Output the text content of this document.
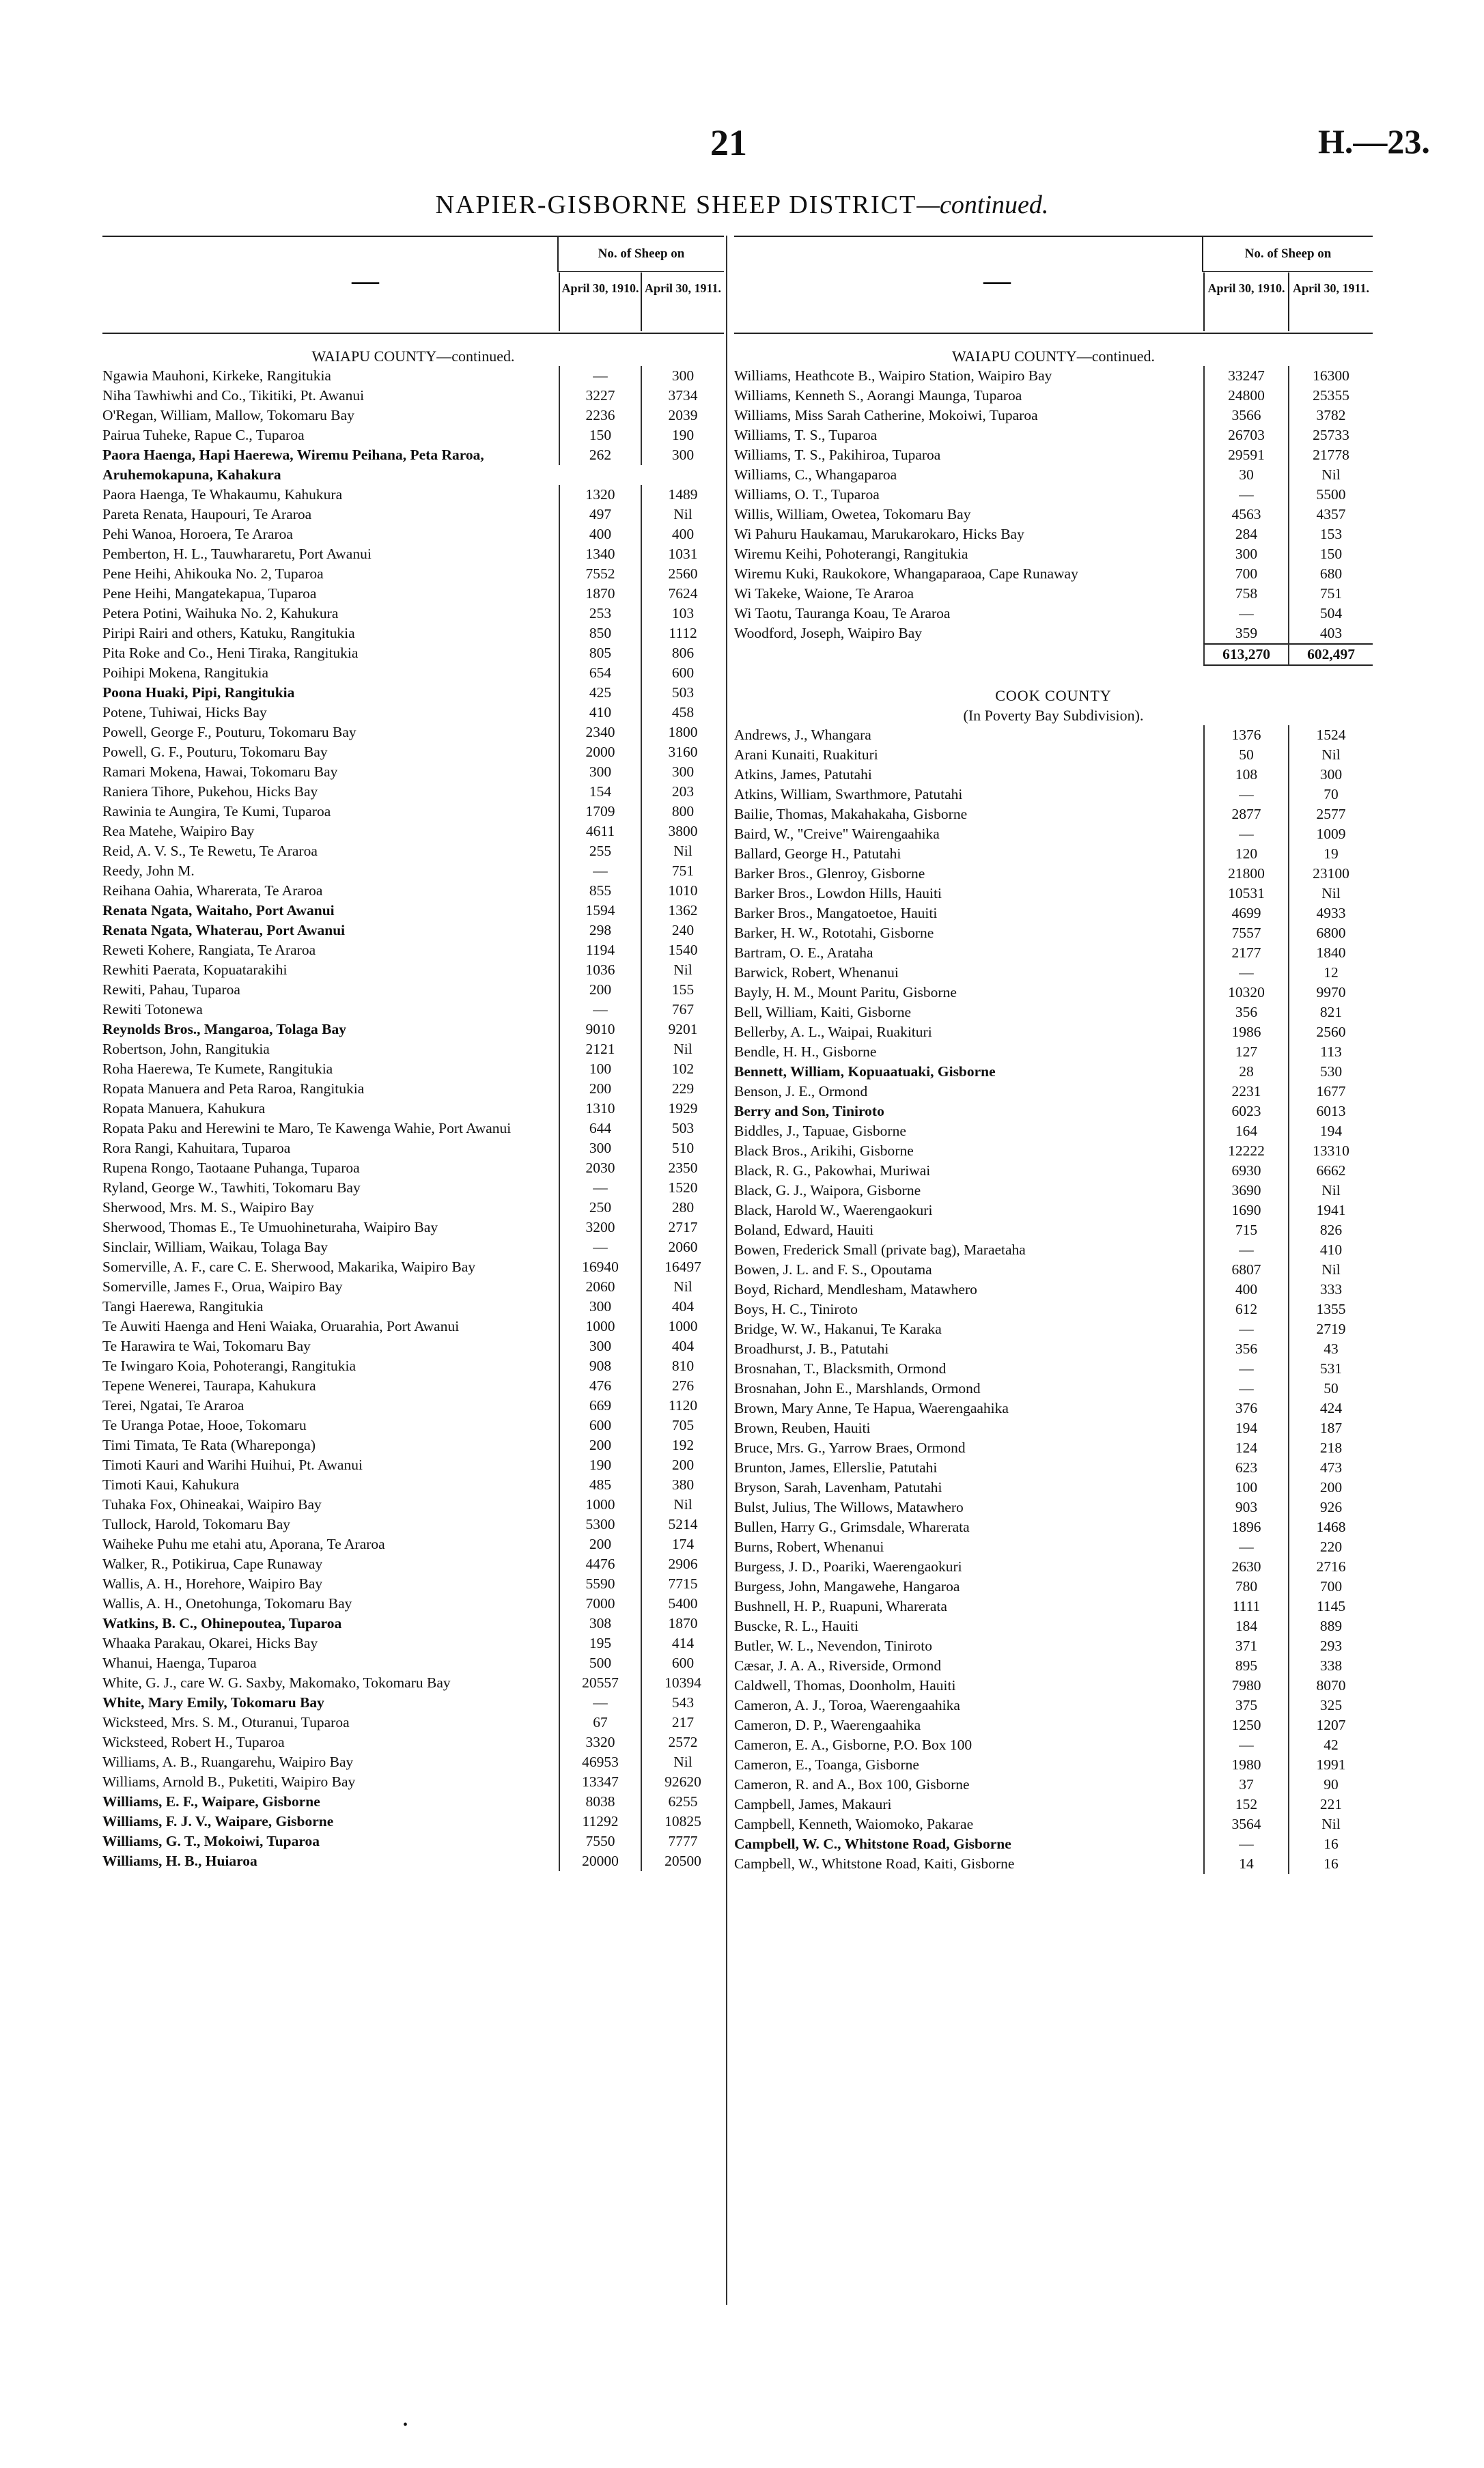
21	H.—23.
NAPIER-GISBORNE SHEEP DISTRICT—continued.
—
No. of Sheep on
April 30, 1910. April 30, 1911.
WAIAPU COUNTY—continued.
Ngawia Mauhoni, Kirkeke, Rangitukia	—	300
Niha Tawhiwhi and Co., Tikitiki, Pt. Awanui	3227	3734
O'Regan, William, Mallow, Tokomaru Bay	2236	2039
Pairua Tuheke, Rapue C., Tuparoa	150	190
Paora Haenga, Hapi Haerewa, Wiremu Peihana, Peta Raroa, Aruhemokapuna, Kahakura
262	300
Paora Haenga, Te Whakaumu, Kahukura	1320	1489
Pareta Renata, Haupouri, Te Araroa	497	Nil
Pehi Wanoa, Horoera, Te Araroa	400	400
Pemberton, H. L., Tauwhararetu, Port Awanui	1340	1031
Pene Heihi, Ahikouka No. 2, Tuparoa	7552	2560
Pene Heihi, Mangatekapua, Tuparoa	1870	7624
Petera Potini, Waihuka No. 2, Kahukura	253	103
Piripi Rairi and others, Katuku, Rangitukia	850	1112
Pita Roke and Co., Heni Tiraka, Rangitukia	805	806
Poihipi Mokena, Rangitukia	654	600
Poona Huaki, Pipi, Rangitukia	425	503
Potene, Tuhiwai, Hicks Bay	410	458
Powell, George F., Pouturu, Tokomaru Bay	2340	1800
Powell, G. F., Pouturu, Tokomaru Bay	2000	3160
Ramari Mokena, Hawai, Tokomaru Bay	300	300
Raniera Tihore, Pukehou, Hicks Bay	154	203
Rawinia te Aungira, Te Kumi, Tuparoa	1709	800
Rea Matehe, Waipiro Bay	4611	3800
Reid, A. V. S., Te Rewetu, Te Araroa	255	Nil
Reedy, John M.	—	751
Reihana Oahia, Wharerata, Te Araroa	855	1010
Renata Ngata, Waitaho, Port Awanui	1594	1362
Renata Ngata, Whaterau, Port Awanui	298	240
Reweti Kohere, Rangiata, Te Araroa	1194	1540
Rewhiti Paerata, Kopuatarakihi	1036	Nil
Rewiti, Pahau, Tuparoa	200	155
Rewiti Totonewa	—	767
Reynolds Bros., Mangaroa, Tolaga Bay	9010	9201
Robertson, John, Rangitukia	2121	Nil
Roha Haerewa, Te Kumete, Rangitukia	100	102
Ropata Manuera and Peta Raroa, Rangitukia	200	229
Ropata Manuera, Kahukura	1310	1929
Ropata Paku and Herewini te Maro, Te Kawenga Wahie, Port Awanui	644	503
Rora Rangi, Kahuitara, Tuparoa	300	510
Rupena Rongo, Taotaane Puhanga, Tuparoa	2030	2350
Ryland, George W., Tawhiti, Tokomaru Bay	—	1520
Sherwood, Mrs. M. S., Waipiro Bay	250	280
Sherwood, Thomas E., Te Umuohineturaha, Waipiro Bay	3200	2717
Sinclair, William, Waikau, Tolaga Bay	—	2060
Somerville, A. F., care C. E. Sherwood, Makarika, Waipiro Bay	16940	16497
Somerville, James F., Orua, Waipiro Bay	2060	Nil
Tangi Haerewa, Rangitukia	300	404
Te Auwiti Haenga and Heni Waiaka, Oruarahia, Port Awanui	1000	1000
Te Harawira te Wai, Tokomaru Bay	300	404
Te Iwingaro Koia, Pohoterangi, Rangitukia	908	810
Tepene Wenerei, Taurapa, Kahukura	476	276
Terei, Ngatai, Te Araroa	669	1120
Te Uranga Potae, Hooe, Tokomaru	600	705
Timi Timata, Te Rata (Whareponga)	200	192
Timoti Kauri and Warihi Huihui, Pt. Awanui	190	200
Timoti Kaui, Kahukura	485	380
Tuhaka Fox, Ohineakai, Waipiro Bay	1000	Nil
Tullock, Harold, Tokomaru Bay	5300	5214
Waiheke Puhu me etahi atu, Aporana, Te Araroa	200	174
Walker, R., Potikirua, Cape Runaway	4476	2906
Wallis, A. H., Horehore, Waipiro Bay	5590	7715
Wallis, A. H., Onetohunga, Tokomaru Bay	7000	5400
Watkins, B. C., Ohinepoutea, Tuparoa	308	1870
Whaaka Parakau, Okarei, Hicks Bay	195	414
Whanui, Haenga, Tuparoa	500	600
White, G. J., care W. G. Saxby, Makomako, Tokomaru Bay	20557	10394
White, Mary Emily, Tokomaru Bay	—	543
Wicksteed, Mrs. S. M., Oturanui, Tuparoa	67	217
Wicksteed, Robert H., Tuparoa	3320	2572
Williams, A. B., Ruangarehu, Waipiro Bay	46953	Nil
Williams, Arnold B., Puketiti, Waipiro Bay	13347	92620
Williams, E. F., Waipare, Gisborne	8038	6255
Williams, F. J. V., Waipare, Gisborne	11292	10825
Williams, G. T., Mokoiwi, Tuparoa	7550	7777
Williams, H. B., Huiaroa	20000	20500
—
No. of Sheep on
April 30, 1910. April 30, 1911.
WAIAPU COUNTY—continued.
Williams, Heathcote B., Waipiro Station, Waipiro Bay	33247	16300
Williams, Kenneth S., Aorangi Maunga, Tuparoa	24800	25355
Williams, Miss Sarah Catherine, Mokoiwi, Tuparoa	3566	3782
Williams, T. S., Tuparoa	26703	25733
Williams, T. S., Pakihiroa, Tuparoa	29591	21778
Williams, C., Whangaparoa	30	Nil
Williams, O. T., Tuparoa	—	5500
Willis, William, Owetea, Tokomaru Bay	4563	4357
Wi Pahuru Haukamau, Marukarokaro, Hicks Bay	284	153
Wiremu Keihi, Pohoterangi, Rangitukia	300	150
Wiremu Kuki, Raukokore, Whangaparaoa, Cape Runaway	700	680
Wi Takeke, Waione, Te Araroa	758	751
Wi Taotu, Tauranga Koau, Te Araroa	—	504
Woodford, Joseph, Waipiro Bay	359	403
613,270	602,497
COOK COUNTY
(In Poverty Bay Subdivision).
Andrews, J., Whangara	1376	1524
Arani Kunaiti, Ruakituri	50	Nil
Atkins, James, Patutahi	108	300
Atkins, William, Swarthmore, Patutahi	—	70
Bailie, Thomas, Makahakaha, Gisborne	2877	2577
Baird, W., "Creive" Wairengaahika	—	1009
Ballard, George H., Patutahi	120	19
Barker Bros., Glenroy, Gisborne	21800	23100
Barker Bros., Lowdon Hills, Hauiti	10531	Nil
Barker Bros., Mangatoetoe, Hauiti	4699	4933
Barker, H. W., Rototahi, Gisborne	7557	6800
Bartram, O. E., Arataha	2177	1840
Barwick, Robert, Whenanui	—	12
Bayly, H. M., Mount Paritu, Gisborne	10320	9970
Bell, William, Kaiti, Gisborne	356	821
Bellerby, A. L., Waipai, Ruakituri	1986	2560
Bendle, H. H., Gisborne	127	113
Bennett, William, Kopuaatuaki, Gisborne	28	530
Benson, J. E., Ormond	2231	1677
Berry and Son, Tiniroto	6023	6013
Biddles, J., Tapuae, Gisborne	164	194
Black Bros., Arikihi, Gisborne	12222	13310
Black, R. G., Pakowhai, Muriwai	6930	6662
Black, G. J., Waipora, Gisborne	3690	Nil
Black, Harold W., Waerengaokuri	1690	1941
Boland, Edward, Hauiti	715	826
Bowen, Frederick Small (private bag), Maraetaha	—	410
Bowen, J. L. and F. S., Opoutama	6807	Nil
Boyd, Richard, Mendlesham, Matawhero	400	333
Boys, H. C., Tiniroto	612	1355
Bridge, W. W., Hakanui, Te Karaka	—	2719
Broadhurst, J. B., Patutahi	356	43
Brosnahan, T., Blacksmith, Ormond	—	531
Brosnahan, John E., Marshlands, Ormond	—	50
Brown, Mary Anne, Te Hapua, Waerengaahika	376	424
Brown, Reuben, Hauiti	194	187
Bruce, Mrs. G., Yarrow Braes, Ormond	124	218
Brunton, James, Ellerslie, Patutahi	623	473
Bryson, Sarah, Lavenham, Patutahi	100	200
Bulst, Julius, The Willows, Matawhero	903	926
Bullen, Harry G., Grimsdale, Wharerata	1896	1468
Burns, Robert, Whenanui	—	220
Burgess, J. D., Poariki, Waerengaokuri	2630	2716
Burgess, John, Mangawehe, Hangaroa	780	700
Bushnell, H. P., Ruapuni, Wharerata	1111	1145
Buscke, R. L., Hauiti	184	889
Butler, W. L., Nevendon, Tiniroto	371	293
Cæsar, J. A. A., Riverside, Ormond	895	338
Caldwell, Thomas, Doonholm, Hauiti	7980	8070
Cameron, A. J., Toroa, Waerengaahika	375	325
Cameron, D. P., Waerengaahika	1250	1207
Cameron, E. A., Gisborne, P.O. Box 100	—	42
Cameron, E., Toanga, Gisborne	1980	1991
Cameron, R. and A., Box 100, Gisborne	37	90
Campbell, James, Makauri	152	221
Campbell, Kenneth, Waiomoko, Pakarae	3564	Nil
Campbell, W. C., Whitstone Road, Gisborne	—	16
Campbell, W., Whitstone Road, Kaiti, Gisborne	14	16
•
